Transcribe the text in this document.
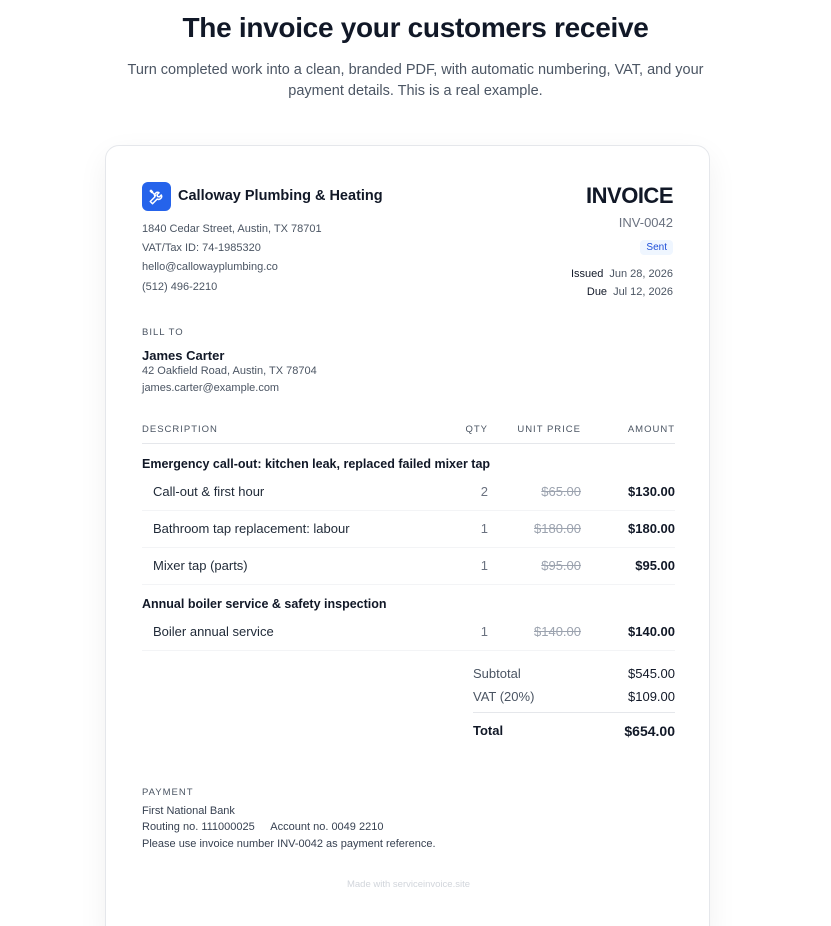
The invoice your customers receive
Turn completed work into a clean, branded PDF, with automatic numbering, VAT, and your payment details. This is a real example.
Calloway Plumbing & Heating
1840 Cedar Street, Austin, TX 78701
VAT/Tax ID: 74-1985320
hello@callowayplumbing.co
(512) 496-2210
INVOICE
INV-0042
Sent
Issued Jun 28, 2026
Due Jul 12, 2026
BILL TO
James Carter
42 Oakfield Road, Austin, TX 78704
james.carter@example.com
DESCRIPTION	QTY	UNIT PRICE	AMOUNT
Emergency call-out: kitchen leak, replaced failed mixer tap
Call-out & first hour	2	$65.00	$130.00
Bathroom tap replacement: labour	1	$180.00	$180.00
Mixer tap (parts)	1	$95.00	$95.00
Annual boiler service & safety inspection
Boiler annual service	1	$140.00	$140.00
Subtotal	$545.00
VAT (20%)	$109.00
Total	$654.00
PAYMENT
First National Bank
Routing no. 111000025 Account no. 0049 2210
Please use invoice number INV-0042 as payment reference.
Made with serviceinvoice.site
